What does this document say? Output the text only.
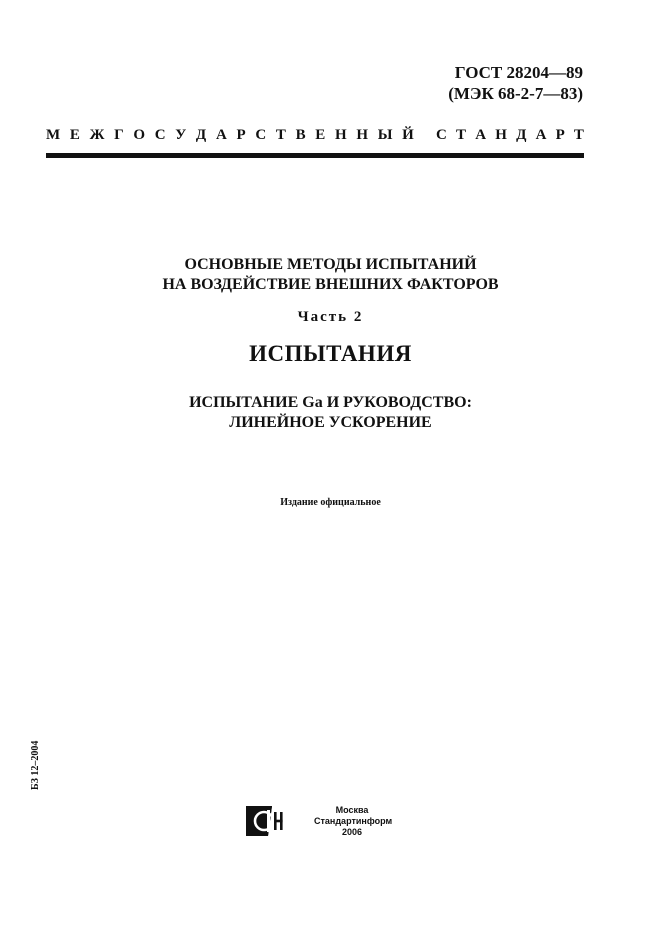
ГОСТ 28204—89
(МЭК 68-2-7—83)
М Е Ж Г О С У Д А Р С Т В Е Н Н Ы Й С Т А Н Д А Р Т
ОСНОВНЫЕ МЕТОДЫ ИСПЫТАНИЙ
НА ВОЗДЕЙСТВИЕ ВНЕШНИХ ФАКТОРОВ
Часть 2
ИСПЫТАНИЯ
ИСПЫТАНИЕ Ga И РУКОВОДСТВО:
ЛИНЕЙНОЕ УСКОРЕНИЕ
Издание официальное
БЗ 12–2004
Москва
Стандартинформ
2006
